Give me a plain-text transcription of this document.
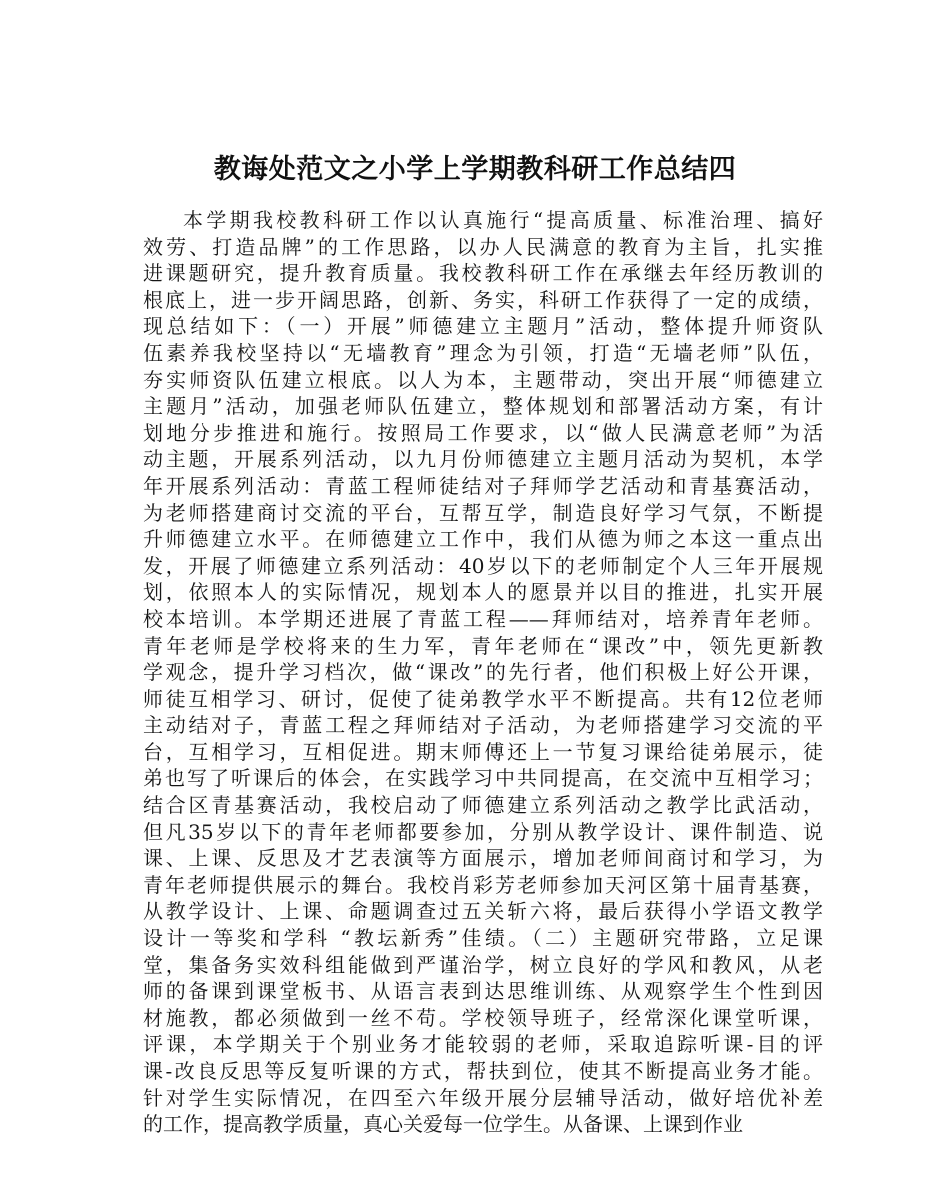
教诲处范文之小学上学期教科研工作总结四
本学期我校教科研工作以认真施行“提高质量、标准治理、搞好
效劳、打造品牌”的工作思路，以办人民满意的教育为主旨，扎实推
进课题研究，提升教育质量。我校教科研工作在承继去年经历教训的
根底上，进一步开阔思路，创新、务实，科研工作获得了一定的成绩，
现总结如下：（一）开展”师德建立主题月”活动，整体提升师资队
伍素养我校坚持以“无墙教育”理念为引领，打造“无墙老师”队伍，
夯实师资队伍建立根底。以人为本，主题带动，突出开展“师德建立
主题月”活动，加强老师队伍建立，整体规划和部署活动方案，有计
划地分步推进和施行。按照局工作要求，以“做人民满意老师”为活
动主题，开展系列活动，以九月份师德建立主题月活动为契机，本学
年开展系列活动：青蓝工程师徒结对子拜师学艺活动和青基赛活动，
为老师搭建商讨交流的平台，互帮互学，制造良好学习气氛，不断提
升师德建立水平。在师德建立工作中，我们从德为师之本这一重点出
发，开展了师德建立系列活动：40岁以下的老师制定个人三年开展规
划，依照本人的实际情况，规划本人的愿景并以目的推进，扎实开展
校本培训。本学期还进展了青蓝工程——拜师结对，培养青年老师。
青年老师是学校将来的生力军，青年老师在“课改”中，领先更新教
学观念，提升学习档次，做“课改”的先行者，他们积极上好公开课，
师徒互相学习、研讨，促使了徒弟教学水平不断提高。共有12位老师
主动结对子，青蓝工程之拜师结对子活动，为老师搭建学习交流的平
台，互相学习，互相促进。期末师傅还上一节复习课给徒弟展示，徒
弟也写了听课后的体会，在实践学习中共同提高，在交流中互相学习；
结合区青基赛活动，我校启动了师德建立系列活动之教学比武活动，
但凡35岁以下的青年老师都要参加，分别从教学设计、课件制造、说
课、上课、反思及才艺表演等方面展示，增加老师间商讨和学习，为
青年老师提供展示的舞台。我校肖彩芳老师参加天河区第十届青基赛，
从教学设计、上课、命题调查过五关斩六将，最后获得小学语文教学
设计一等奖和学科 “教坛新秀”佳绩。（二）主题研究带路，立足课
堂，集备务实效科组能做到严谨治学，树立良好的学风和教风，从老
师的备课到课堂板书、从语言表到达思维训练、从观察学生个性到因
材施教，都必须做到一丝不苟。学校领导班子，经常深化课堂听课，
评课，本学期关于个别业务才能较弱的老师，采取追踪听课-目的评
课-改良反思等反复听课的方式，帮扶到位，使其不断提高业务才能。
针对学生实际情况，在四至六年级开展分层辅导活动，做好培优补差
的工作，提高教学质量，真心关爱每一位学生。从备课、上课到作业
